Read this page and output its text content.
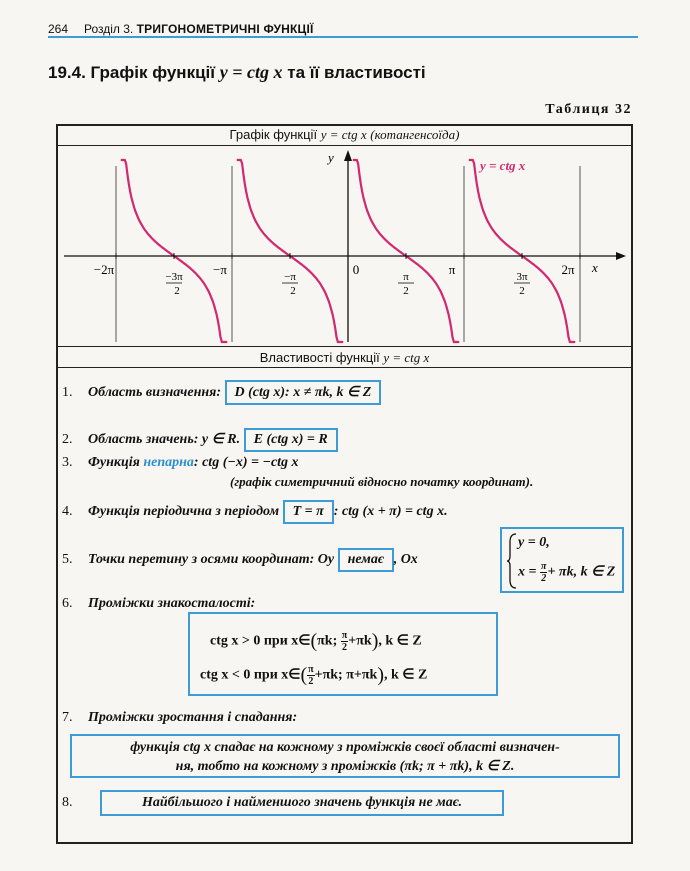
264 Розділ 3. ТРИГОНОМЕТРИЧНІ ФУНКЦІЇ
19.4. Графік функції y = ctg x та її властивості
Таблиця 32
Графік функції y = ctg x (котангенсоїда)
y
x
y = ctg x
−2π	−3π
2
−π	−π
2
0	π
2
π	3π
2
2π
Властивості функції y = ctg x
1. Область визначення: D (ctg x): x ≠ πk, k ∈ Z
2. Область значень: y ∈ R. E (ctg x) = R
3. Функція непарна: ctg (−x) = −ctg x
(графік симетричний відносно початку координат).
4. Функція періодична з періодом T = π : ctg (x + π) = ctg x.
5. Точки перетину з осями координат: Oy немає , Ox
y = 0,
$x = \frac{\pi}{2} + \pi k$, k ∈ Z
6. Проміжки знакосталості:
ctg x > 0 при x∈(πk; $\frac{\pi}{2} +\pi k$), k ∈ Z
ctg x < 0 при x∈( $\frac{\pi}{2} +\pi k$; π+πk), k ∈ Z
7. Проміжки зростання і спадання:
функція ctg x спадає на кожному з проміжків своєї області визначен-
ня, тобто на кожному з проміжків (πk; π + πk), k ∈ Z.
8.	Найбільшого і найменшого значень функція не має.
